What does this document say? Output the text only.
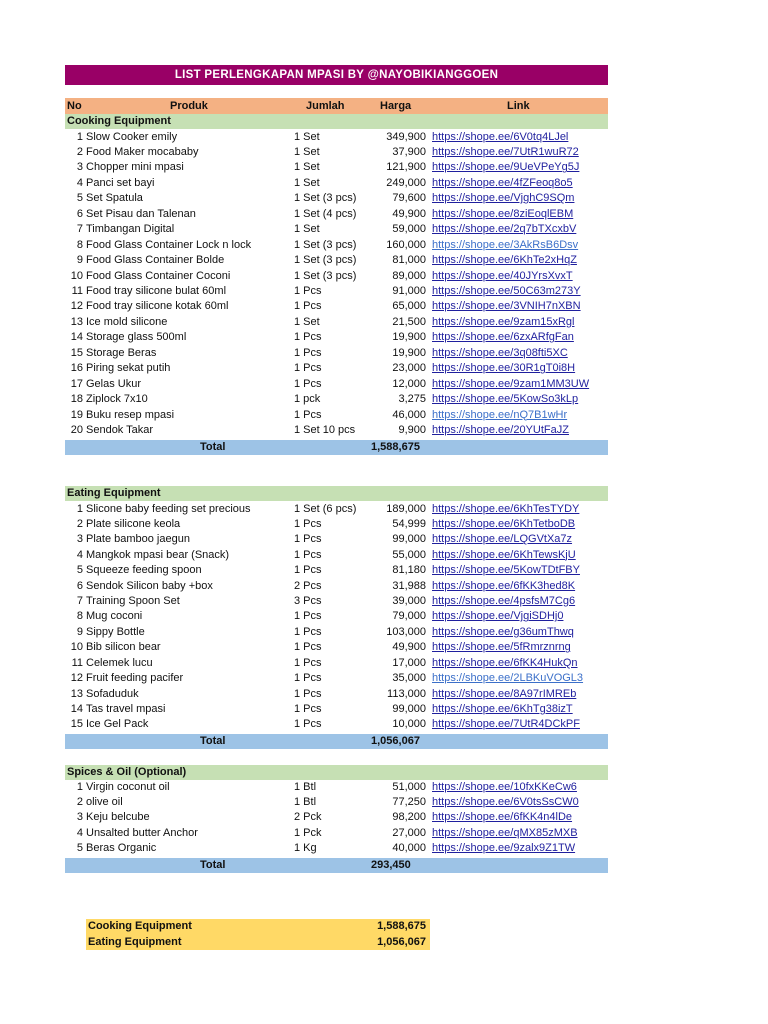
LIST PERLENGKAPAN MPASI BY @NAYOBIKIANGGOEN
No	Produk	Jumlah	Harga	Link
Cooking Equipment
1 Slow Cooker emily	1 Set	349,900 https://shope.ee/6V0tq4LJel
2 Food Maker mocababy	1 Set	37,900 https://shope.ee/7UtR1wuR72
3 Chopper mini mpasi	1 Set	121,900 https://shope.ee/9UeVPeYg5J
4 Panci set bayi	1 Set	249,000 https://shope.ee/4fZFeoq8o5
5 Set Spatula	1 Set (3 pcs)	79,600 https://shope.ee/VjghC9SQm
6 Set Pisau dan Talenan	1 Set (4 pcs)	49,900 https://shope.ee/8ziEoqlEBM
7 Timbangan Digital	1 Set	59,000 https://shope.ee/2q7bTXcxbV
8 Food Glass Container Lock n lock	1 Set (3 pcs)	160,000 https://shope.ee/3AkRsB6Dsv
9 Food Glass Container Bolde	1 Set (3 pcs)	81,000 https://shope.ee/6KhTe2xHqZ
10 Food Glass Container Coconi	1 Set (3 pcs)	89,000 https://shope.ee/40JYrsXvxT
11 Food tray silicone bulat 60ml	1 Pcs	91,000 https://shope.ee/50C63m273Y
12 Food tray silicone kotak 60ml	1 Pcs	65,000 https://shope.ee/3VNIH7nXBN
13 Ice mold silicone	1 Set	21,500 https://shope.ee/9zam15xRgl
14 Storage glass 500ml	1 Pcs	19,900 https://shope.ee/6zxARfgFan
15 Storage Beras	1 Pcs	19,900 https://shope.ee/3q08fti5XC
16 Piring sekat putih	1 Pcs	23,000 https://shope.ee/30R1gT0i8H
17 Gelas Ukur	1 Pcs	12,000 https://shope.ee/9zam1MM3UW
18 Ziplock 7x10	1 pck	3,275 https://shope.ee/5KowSo3kLp
19 Buku resep mpasi	1 Pcs	46,000 https://shope.ee/nQ7B1wHr
20 Sendok Takar	1 Set 10 pcs	9,900 https://shope.ee/20YUtFaJZ
Total	1,588,675
Eating Equipment
1 Slicone baby feeding set precious	1 Set (6 pcs)	189,000 https://shope.ee/6KhTesTYDY
2 Plate silicone keola	1 Pcs	54,999 https://shope.ee/6KhTetboDB
3 Plate bamboo jaegun	1 Pcs	99,000 https://shope.ee/LQGVtXa7z
4 Mangkok mpasi bear (Snack)	1 Pcs	55,000 https://shope.ee/6KhTewsKjU
5 Squeeze feeding spoon	1 Pcs	81,180 https://shope.ee/5KowTDtFBY
6 Sendok Silicon baby +box	2 Pcs	31,988 https://shope.ee/6fKK3hed8K
7 Training Spoon Set	3 Pcs	39,000 https://shope.ee/4psfsM7Cg6
8 Mug coconi	1 Pcs	79,000 https://shope.ee/VjgiSDHj0
9 Sippy Bottle	1 Pcs	103,000 https://shope.ee/g36umThwq
10 Bib silicon bear	1 Pcs	49,900 https://shope.ee/5fRmrznrng
11 Celemek lucu	1 Pcs	17,000 https://shope.ee/6fKK4HukQn
12 Fruit feeding pacifer	1 Pcs	35,000 https://shope.ee/2LBKuVOGL3
13 Sofaduduk	1 Pcs	113,000 https://shope.ee/8A97rIMREb
14 Tas travel mpasi	1 Pcs	99,000 https://shope.ee/6KhTg38izT
15 Ice Gel Pack	1 Pcs	10,000 https://shope.ee/7UtR4DCkPF
Total	1,056,067
Spices & Oil (Optional)
1 Virgin coconut oil	1 Btl	51,000 https://shope.ee/10fxKKeCw6
2 olive oil	1 Btl	77,250 https://shope.ee/6V0tsSsCW0
3 Keju belcube	2 Pck	98,200 https://shope.ee/6fKK4n4lDe
4 Unsalted butter Anchor	1 Pck	27,000 https://shope.ee/qMX85zMXB
5 Beras Organic	1 Kg	40,000 https://shope.ee/9zalx9Z1TW
Total	293,450
Cooking Equipment	1,588,675
Eating Equipment	1,056,067
